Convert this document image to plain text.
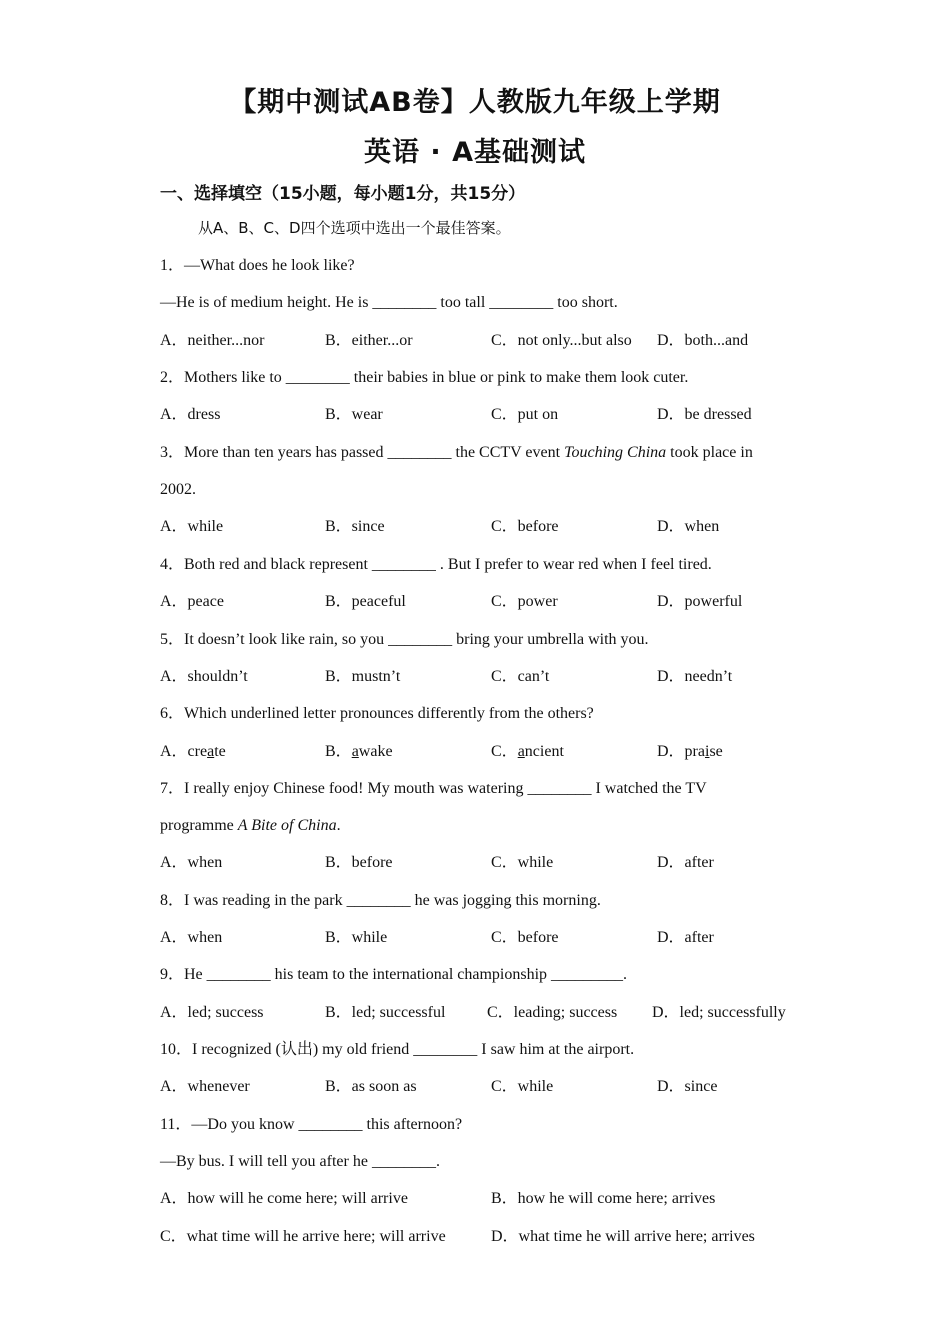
【期中测试AB卷】人教版九年级上学期
英语 · A基础测试
一、选择填空（15小题，每小题1分，共15分）
从A、B、C、D四个选项中选出一个最佳答案。
1．—What does he look like?
—He is of medium height. He is ________ too tall ________ too short.
A．neither...nor	B．either...or	C．not only...but also D．both...and
2．Mothers like to ________ their babies in blue or pink to make them look cuter.
A．dress	B．wear	C．put on	D．be dressed
3．More than ten years has passed ________ the CCTV event Touching China took place in
2002.
A．while	B．since	C．before	D．when
4．Both red and black represent ________ . But I prefer to wear red when I feel tired.
A．peace	B．peaceful	C．power	D．powerful
5．It doesn’t look like rain, so you ________ bring your umbrella with you.
A．shouldn’t	B．mustn’t	C．can’t	D．needn’t
6．Which underlined letter pronounces differently from the others?
A．create	B．awake	C．ancient	D．praise
7．I really enjoy Chinese food! My mouth was watering ________ I watched the TV
programme A Bite of China.
A．when	B．before	C．while	D．after
8．I was reading in the park ________ he was jogging this morning.
A．when	B．while	C．before	D．after
9．He ________ his team to the international championship _________.
A．led; success	B．led; successful	C．leading; success D．led; successfully
10．I recognized (认出) my old friend ________ I saw him at the airport.
A．whenever	B．as soon as	C．while	D．since
11．—Do you know ________ this afternoon?
—By bus. I will tell you after he ________.
A．how will he come here; will arrive	B．how he will come here; arrives
C．what time will he arrive here; will arrive	D．what time he will arrive here; arrives
